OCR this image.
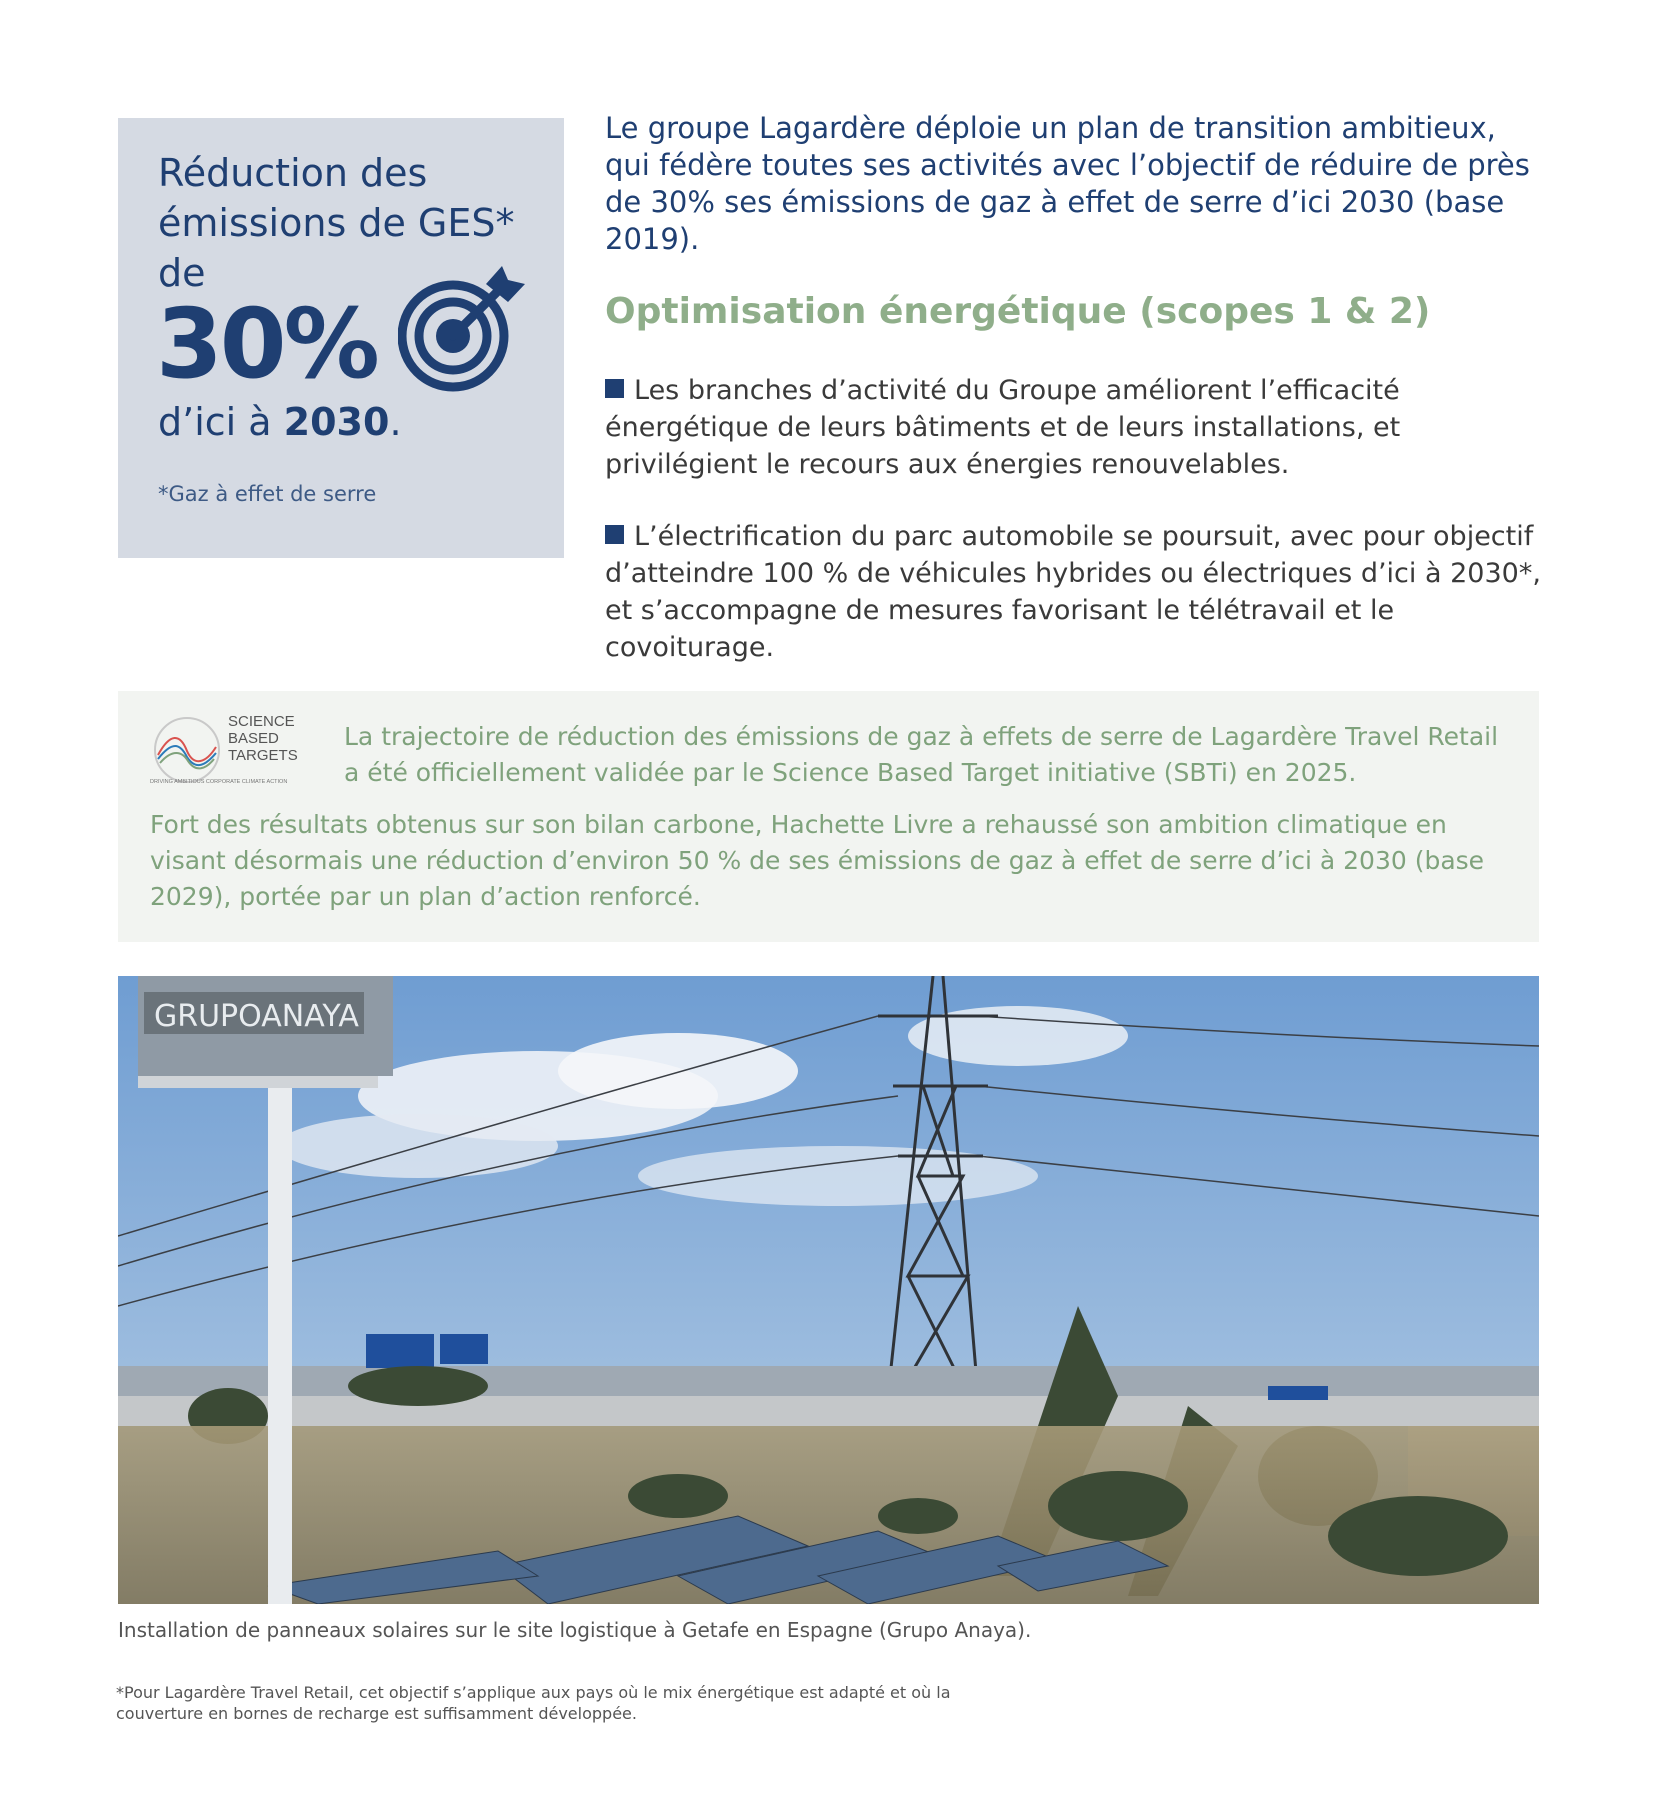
Réduction des émissions de GES* de
30%
d’ici à 2030.
*Gaz à effet de serre

Le groupe Lagardère déploie un plan de transition ambitieux, qui fédère toutes ses activités avec l’objectif de réduire de près de 30% ses émissions de gaz à effet de serre d’ici 2030 (base 2019).

Optimisation énergétique (scopes 1 & 2)

Les branches d’activité du Groupe améliorent l’efficacité énergétique de leurs bâtiments et de leurs installations, et privilégient le recours aux énergies renouvelables.

L’électrification du parc automobile se poursuit, avec pour objectif d’atteindre 100 % de véhicules hybrides ou électriques d’ici à 2030*, et s’accompagne de mesures favorisant le télétravail et le covoiturage.

SCIENCE
BASED
TARGETS
DRIVING AMBITIOUS CORPORATE CLIMATE ACTION

La trajectoire de réduction des émissions de gaz à effets de serre de Lagardère Travel Retail a été officiellement validée par le Science Based Target initiative (SBTi) en 2025.

Fort des résultats obtenus sur son bilan carbone, Hachette Livre a rehaussé son ambition climatique en visant désormais une réduction d’environ 50 % de ses émissions de gaz à effet de serre d’ici à 2030 (base 2029), portée par un plan d’action renforcé.

GRUPOANAYA

Installation de panneaux solaires sur le site logistique à Getafe en Espagne (Grupo Anaya).

*Pour Lagardère Travel Retail, cet objectif s’applique aux pays où le mix énergétique est adapté et où la couverture en bornes de recharge est suffisamment développée.
